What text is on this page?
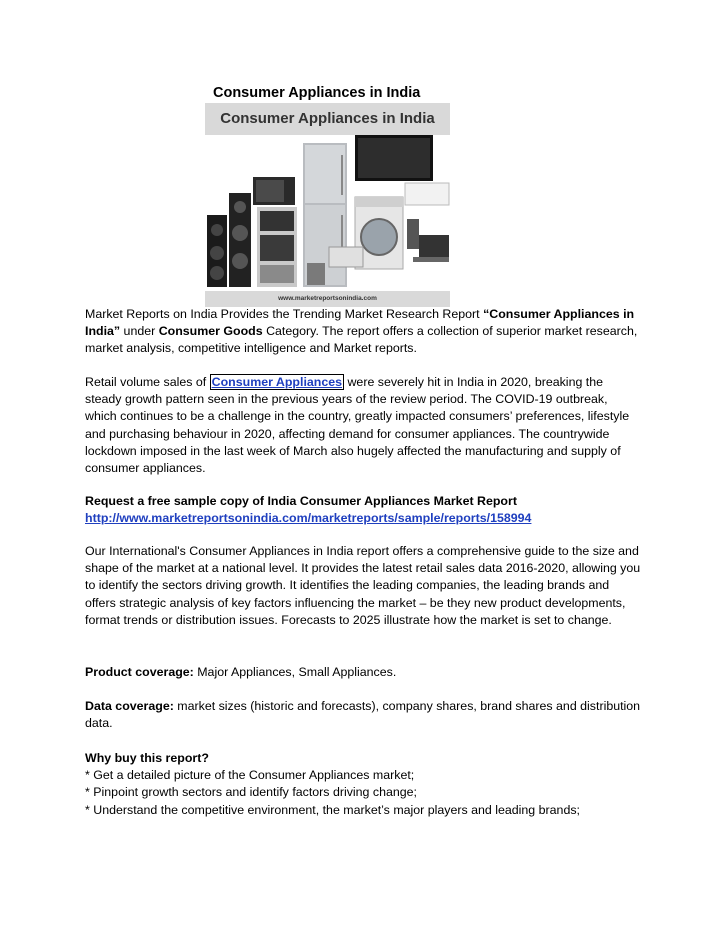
Consumer Appliances in India
Consumer Appliances in India
www.marketreportsonindia.com

Market Reports on India Provides the Trending Market Research Report “Consumer Appliances in India” under Consumer Goods Category. The report offers a collection of superior market research, market analysis, competitive intelligence and Market reports.

Retail volume sales of Consumer Appliances were severely hit in India in 2020, breaking the steady growth pattern seen in the previous years of the review period. The COVID-19 outbreak, which continues to be a challenge in the country, greatly impacted consumers’ preferences, lifestyle and purchasing behaviour in 2020, affecting demand for consumer appliances. The countrywide lockdown imposed in the last week of March also hugely affected the manufacturing and supply of consumer appliances.

Request a free sample copy of India Consumer Appliances Market Report

http://www.marketreportsonindia.com/marketreports/sample/reports/158994

Our International's Consumer Appliances in India report offers a comprehensive guide to the size and shape of the market at a national level. It provides the latest retail sales data 2016-2020, allowing you to identify the sectors driving growth. It identifies the leading companies, the leading brands and offers strategic analysis of key factors influencing the market – be they new product developments, format trends or distribution issues. Forecasts to 2025 illustrate how the market is set to change.

Product coverage: Major Appliances, Small Appliances.

Data coverage: market sizes (historic and forecasts), company shares, brand shares and distribution data.

Why buy this report?

* Get a detailed picture of the Consumer Appliances market;

* Pinpoint growth sectors and identify factors driving change;

* Understand the competitive environment, the market’s major players and leading brands;
